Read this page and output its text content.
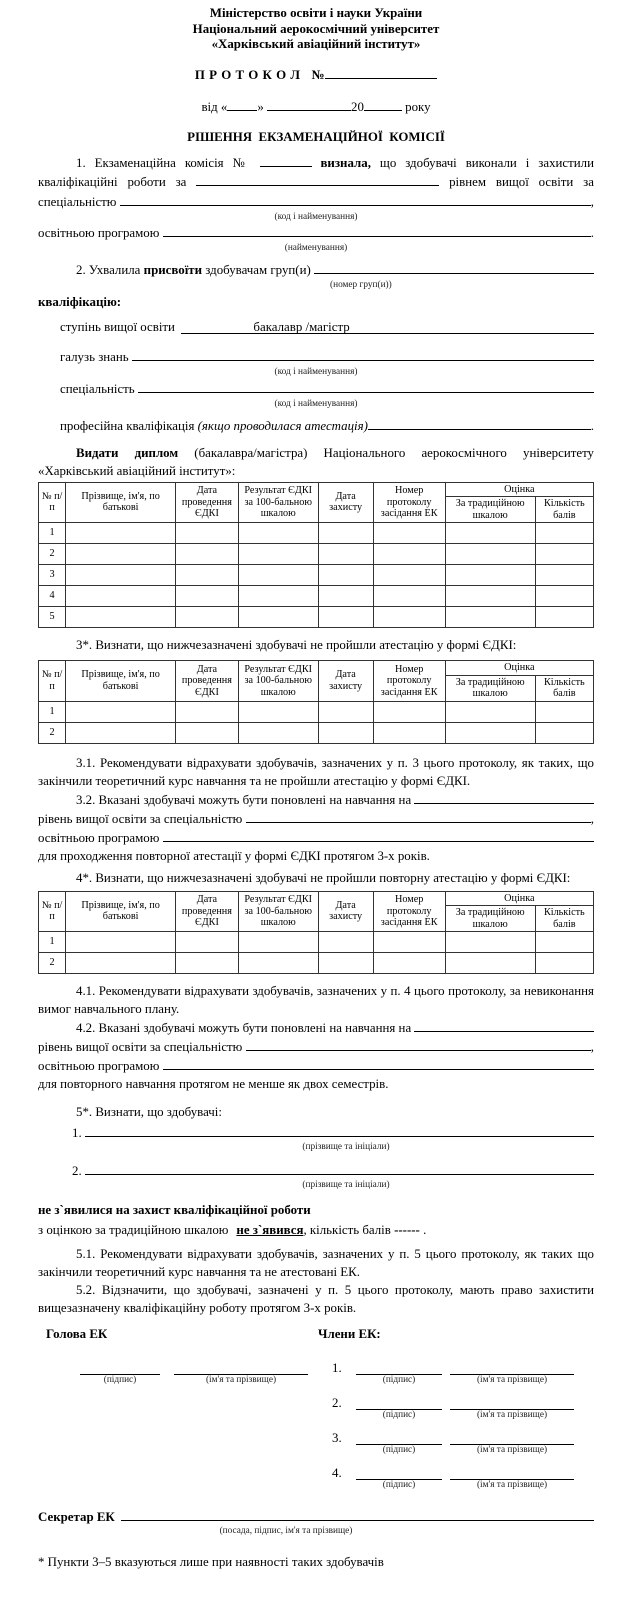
Міністерство освіти і науки України
Національний аерокосмічний університет
«Харківський авіаційний інститут»
П Р О Т О К О Л   №
від « »	20	року
РІШЕННЯ  ЕКЗАМЕНАЦІЙНОЇ  КОМІСІЇ
1. Екзаменаційна комісія №	визнала, що здобувачі виконали і захистили
кваліфікаційні роботи за	рівнем вищої освіти за
спеціальністю
	,
(код і найменування)
освітньою програмою
	.
(найменування)
2. Ухвалила
присвоїти
здобувачам груп(и)

(номер груп(и))
кваліфікацію:
ступінь вищої освіти
	бакалавр /магістр
галузь знань

(код і найменування)
спеціальність

(код і найменування)
професійна кваліфікація
(якщо проводилася атестація)	.

Видати диплом (бакалавра/магістра) Національного аерокосмічного університету «Харківський авіаційний інститут»:

№ п/п	Прізвище, ім'я, по батькові	Дата проведення ЄДКІ	Результат ЄДКІ за 100-бальною шкалою	Дата захисту	Номер протоколу засідання ЕК	Оцінка	
						За традиційною шкалою	Кількість балів
1							
2							
3							
4							
5							

3*. Визнати, що нижчезазначені здобувачі не пройшли атестацію у формі ЄДКІ:

№ п/п	Прізвище, ім'я, по батькові	Дата проведення ЄДКІ	Результат ЄДКІ за 100-бальною шкалою	Дата захисту	Номер протоколу засідання ЕК	Оцінка	
						За традиційною шкалою	Кількість балів
1							
2							

3.1. Рекомендувати відрахувати здобувачів, зазначених у п. 3 цього протоколу, як таких, що закінчили теоретичний курс навчання та не пройшли атестацію у формі ЄДКІ.

3.2. Вказані здобувачі можуть бути поновлені на навчання на

рівень вищої освіти за спеціальністю
	,
освітньою програмою

для проходження повторної атестації у формі ЄДКІ протягом 3-х років.

4*. Визнати, що нижчезазначені здобувачі не пройшли повторну атестацію у формі ЄДКІ:

№ п/п	Прізвище, ім'я, по батькові	Дата проведення ЄДКІ	Результат ЄДКІ за 100-бальною шкалою	Дата захисту	Номер протоколу засідання ЕК	Оцінка	
						За традиційною шкалою	Кількість балів
1							
2							

4.1. Рекомендувати відрахувати здобувачів, зазначених у п. 4 цього протоколу, за невиконання вимог навчального плану.

4.2. Вказані здобувачі можуть бути поновлені на навчання на

рівень вищої освіти за спеціальністю
	,
освітньою програмою

для повторного навчання протягом не менше як двох семестрів.
5*. Визнати, що здобувачі:
1.

(прізвище та ініціали)
2.

(прізвище та ініціали)
не з`явилися на захист кваліфікаційної роботи
з оцінкою за традиційною шкалою не з`явився, кількість балів ------ .

5.1. Рекомендувати відрахувати здобувачів, зазначених у п. 5 цього протоколу, як таких що закінчили теоретичний курс навчання та не атестовані ЕК.

5.2. Відзначити, що здобувачі, зазначені у п. 5 цього протоколу, мають право захистити вищезазначену кваліфікаційну роботу протягом 3-х років.

Голова ЕК
(підпис)	(ім'я та прізвище)
Члени ЕК:
1.
(підпис)	(ім'я та прізвище)
2.
(підпис)	(ім'я та прізвище)
3.
(підпис)	(ім'я та прізвище)
4.
(підпис)	(ім'я та прізвище)
Секретар ЕК

(посада, підпис, ім'я та прізвище)
* Пункти 3–5 вказуються лише при наявності таких здобувачів
